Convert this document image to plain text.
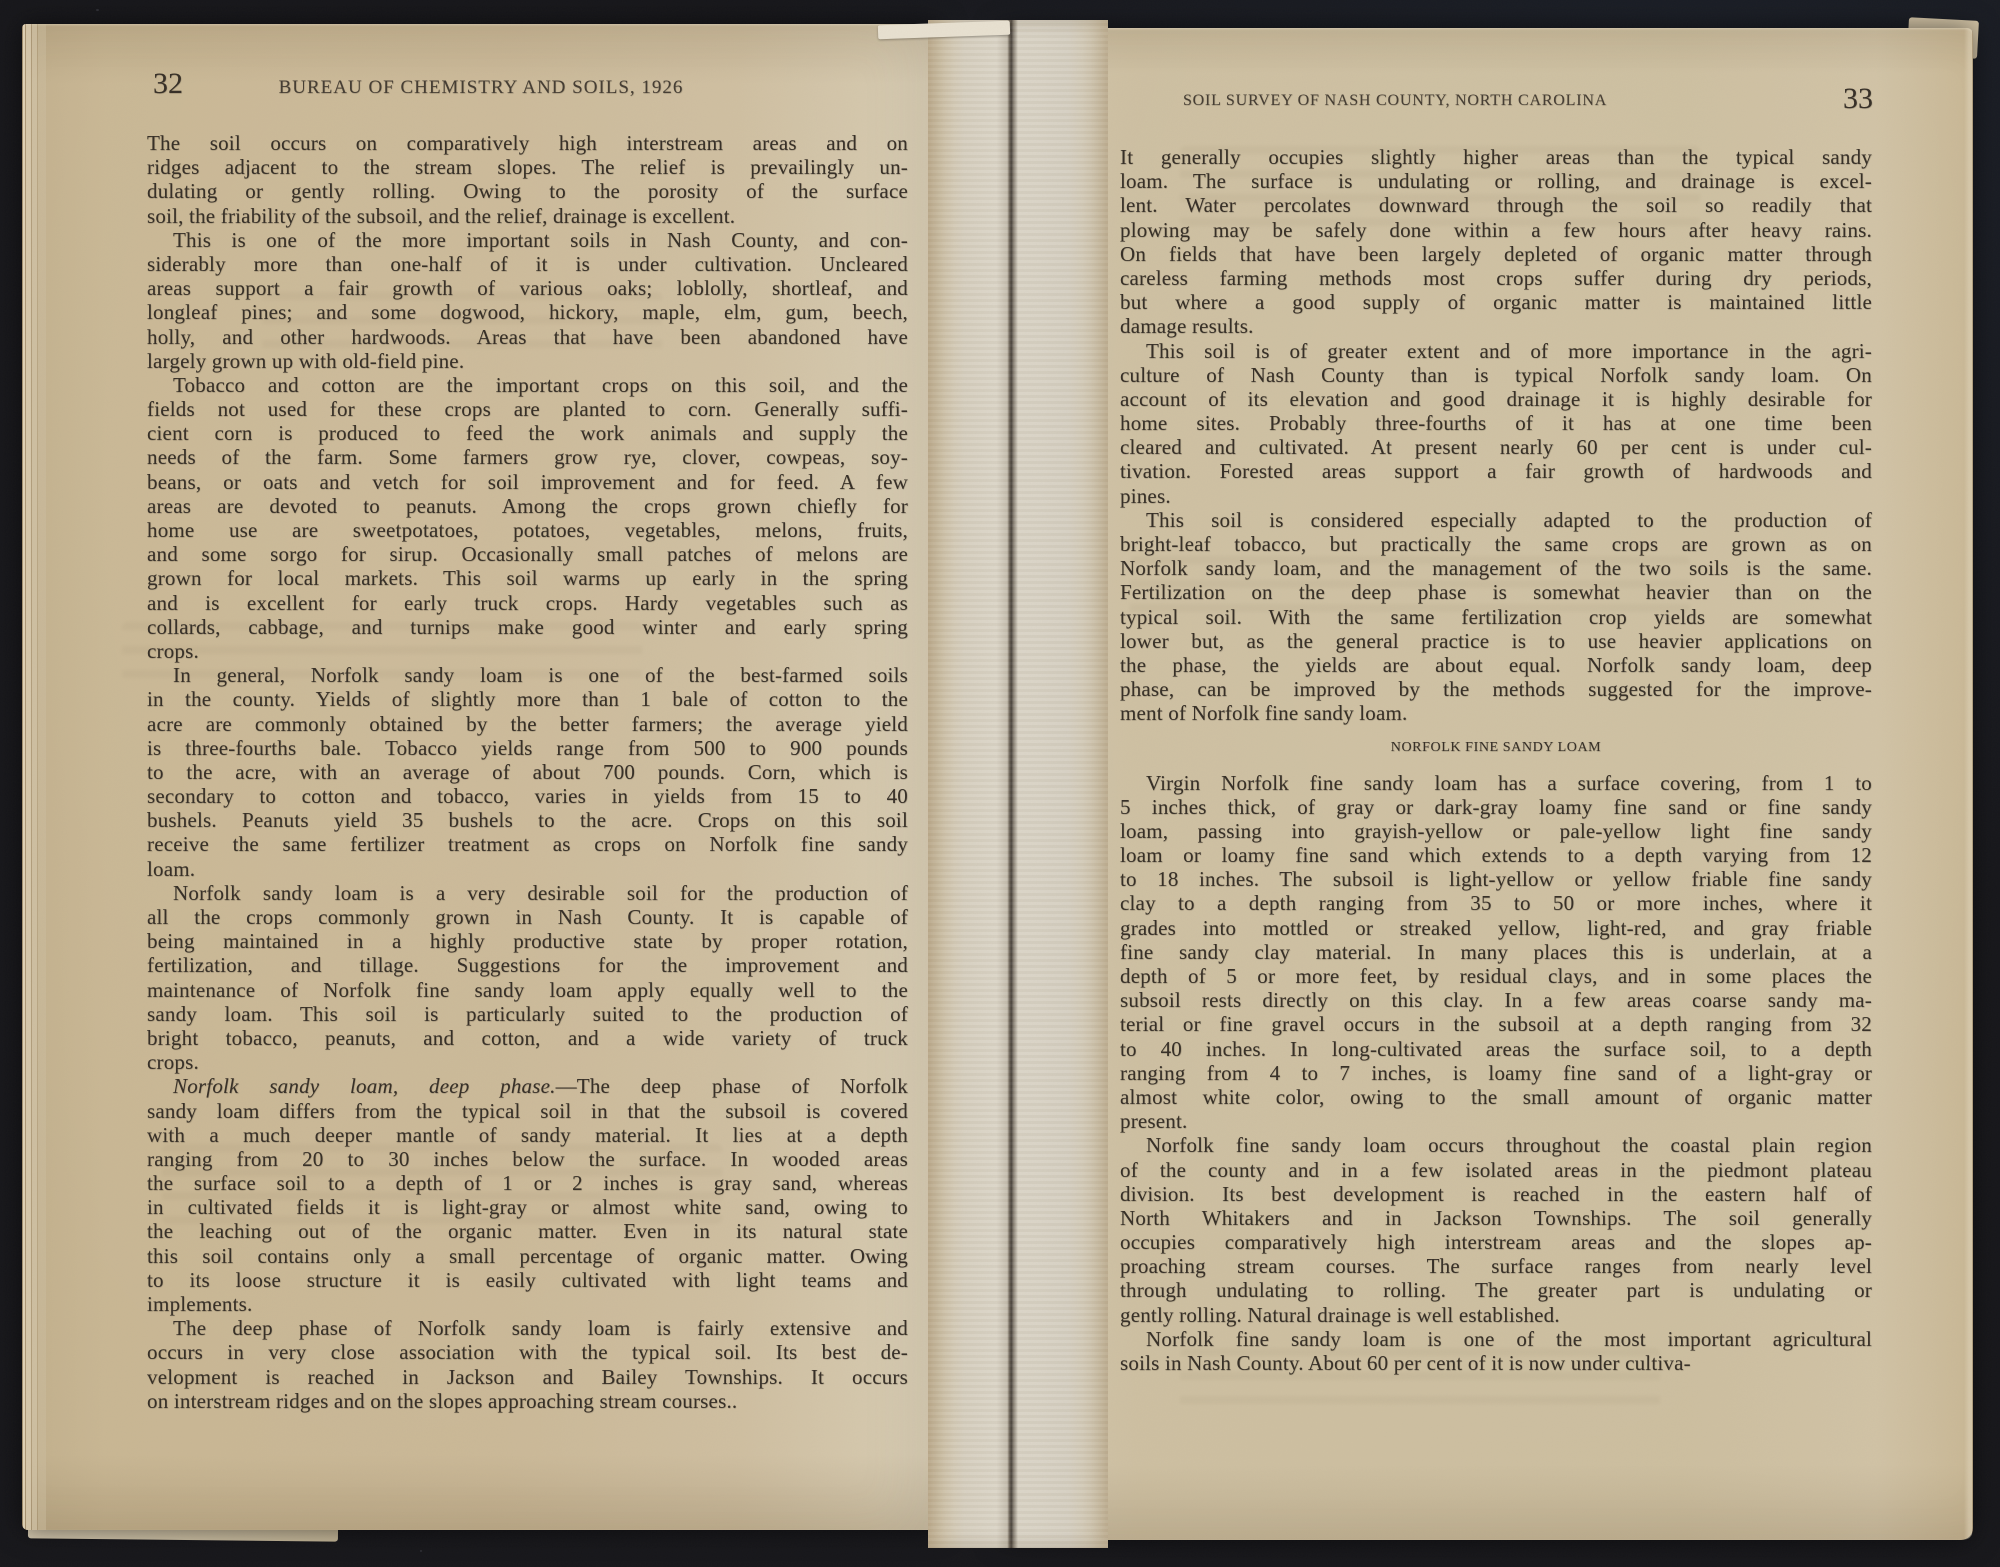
32	BUREAU OF CHEMISTRY AND SOILS, 1926
The soil occurs on comparatively high interstream areas and on
ridges adjacent to the stream slopes. The relief is prevailingly un-
dulating or gently rolling. Owing to the porosity of the surface
soil, the friability of the subsoil, and the relief, drainage is excellent.
This is one of the more important soils in Nash County, and con-
siderably more than one-half of it is under cultivation. Uncleared
areas support a fair growth of various oaks; loblolly, shortleaf, and
longleaf pines; and some dogwood, hickory, maple, elm, gum, beech,
holly, and other hardwoods. Areas that have been abandoned have
largely grown up with old-field pine.
Tobacco and cotton are the important crops on this soil, and the
fields not used for these crops are planted to corn. Generally suffi-
cient corn is produced to feed the work animals and supply the
needs of the farm. Some farmers grow rye, clover, cowpeas, soy-
beans, or oats and vetch for soil improvement and for feed. A few
areas are devoted to peanuts. Among the crops grown chiefly for
home use are sweetpotatoes, potatoes, vegetables, melons, fruits,
and some sorgo for sirup. Occasionally small patches of melons are
grown for local markets. This soil warms up early in the spring
and is excellent for early truck crops. Hardy vegetables such as
collards, cabbage, and turnips make good winter and early spring
crops.
In general, Norfolk sandy loam is one of the best-farmed soils
in the county. Yields of slightly more than 1 bale of cotton to the
acre are commonly obtained by the better farmers; the average yield
is three-fourths bale. Tobacco yields range from 500 to 900 pounds
to the acre, with an average of about 700 pounds. Corn, which is
secondary to cotton and tobacco, varies in yields from 15 to 40
bushels. Peanuts yield 35 bushels to the acre. Crops on this soil
receive the same fertilizer treatment as crops on Norfolk fine sandy
loam.
Norfolk sandy loam is a very desirable soil for the production of
all the crops commonly grown in Nash County. It is capable of
being maintained in a highly productive state by proper rotation,
fertilization, and tillage. Suggestions for the improvement and
maintenance of Norfolk fine sandy loam apply equally well to the
sandy loam. This soil is particularly suited to the production of
bright tobacco, peanuts, and cotton, and a wide variety of truck
crops.
Norfolk sandy loam, deep phase.—The deep phase of Norfolk
sandy loam differs from the typical soil in that the subsoil is covered
with a much deeper mantle of sandy material. It lies at a depth
ranging from 20 to 30 inches below the surface. In wooded areas
the surface soil to a depth of 1 or 2 inches is gray sand, whereas
in cultivated fields it is light-gray or almost white sand, owing to
the leaching out of the organic matter. Even in its natural state
this soil contains only a small percentage of organic matter. Owing
to its loose structure it is easily cultivated with light teams and
implements.
The deep phase of Norfolk sandy loam is fairly extensive and
occurs in very close association with the typical soil. Its best de-
velopment is reached in Jackson and Bailey Townships. It occurs
on interstream ridges and on the slopes approaching stream courses..
SOIL SURVEY OF NASH COUNTY, NORTH CAROLINA	33
It generally occupies slightly higher areas than the typical sandy
loam. The surface is undulating or rolling, and drainage is excel-
lent. Water percolates downward through the soil so readily that
plowing may be safely done within a few hours after heavy rains.
On fields that have been largely depleted of organic matter through
careless farming methods most crops suffer during dry periods,
but where a good supply of organic matter is maintained little
damage results.
This soil is of greater extent and of more importance in the agri-
culture of Nash County than is typical Norfolk sandy loam. On
account of its elevation and good drainage it is highly desirable for
home sites. Probably three-fourths of it has at one time been
cleared and cultivated. At present nearly 60 per cent is under cul-
tivation. Forested areas support a fair growth of hardwoods and
pines.
This soil is considered especially adapted to the production of
bright-leaf tobacco, but practically the same crops are grown as on
Norfolk sandy loam, and the management of the two soils is the same.
Fertilization on the deep phase is somewhat heavier than on the
typical soil. With the same fertilization crop yields are somewhat
lower but, as the general practice is to use heavier applications on
the phase, the yields are about equal. Norfolk sandy loam, deep
phase, can be improved by the methods suggested for the improve-
ment of Norfolk fine sandy loam.
NORFOLK FINE SANDY LOAM
Virgin Norfolk fine sandy loam has a surface covering, from 1 to
5 inches thick, of gray or dark-gray loamy fine sand or fine sandy
loam, passing into grayish-yellow or pale-yellow light fine sandy
loam or loamy fine sand which extends to a depth varying from 12
to 18 inches. The subsoil is light-yellow or yellow friable fine sandy
clay to a depth ranging from 35 to 50 or more inches, where it
grades into mottled or streaked yellow, light-red, and gray friable
fine sandy clay material. In many places this is underlain, at a
depth of 5 or more feet, by residual clays, and in some places the
subsoil rests directly on this clay. In a few areas coarse sandy ma-
terial or fine gravel occurs in the subsoil at a depth ranging from 32
to 40 inches. In long-cultivated areas the surface soil, to a depth
ranging from 4 to 7 inches, is loamy fine sand of a light-gray or
almost white color, owing to the small amount of organic matter
present.
Norfolk fine sandy loam occurs throughout the coastal plain region
of the county and in a few isolated areas in the piedmont plateau
division. Its best development is reached in the eastern half of
North Whitakers and in Jackson Townships. The soil generally
occupies comparatively high interstream areas and the slopes ap-
proaching stream courses. The surface ranges from nearly level
through undulating to rolling. The greater part is undulating or
gently rolling. Natural drainage is well established.
Norfolk fine sandy loam is one of the most important agricultural
soils in Nash County. About 60 per cent of it is now under cultiva-
